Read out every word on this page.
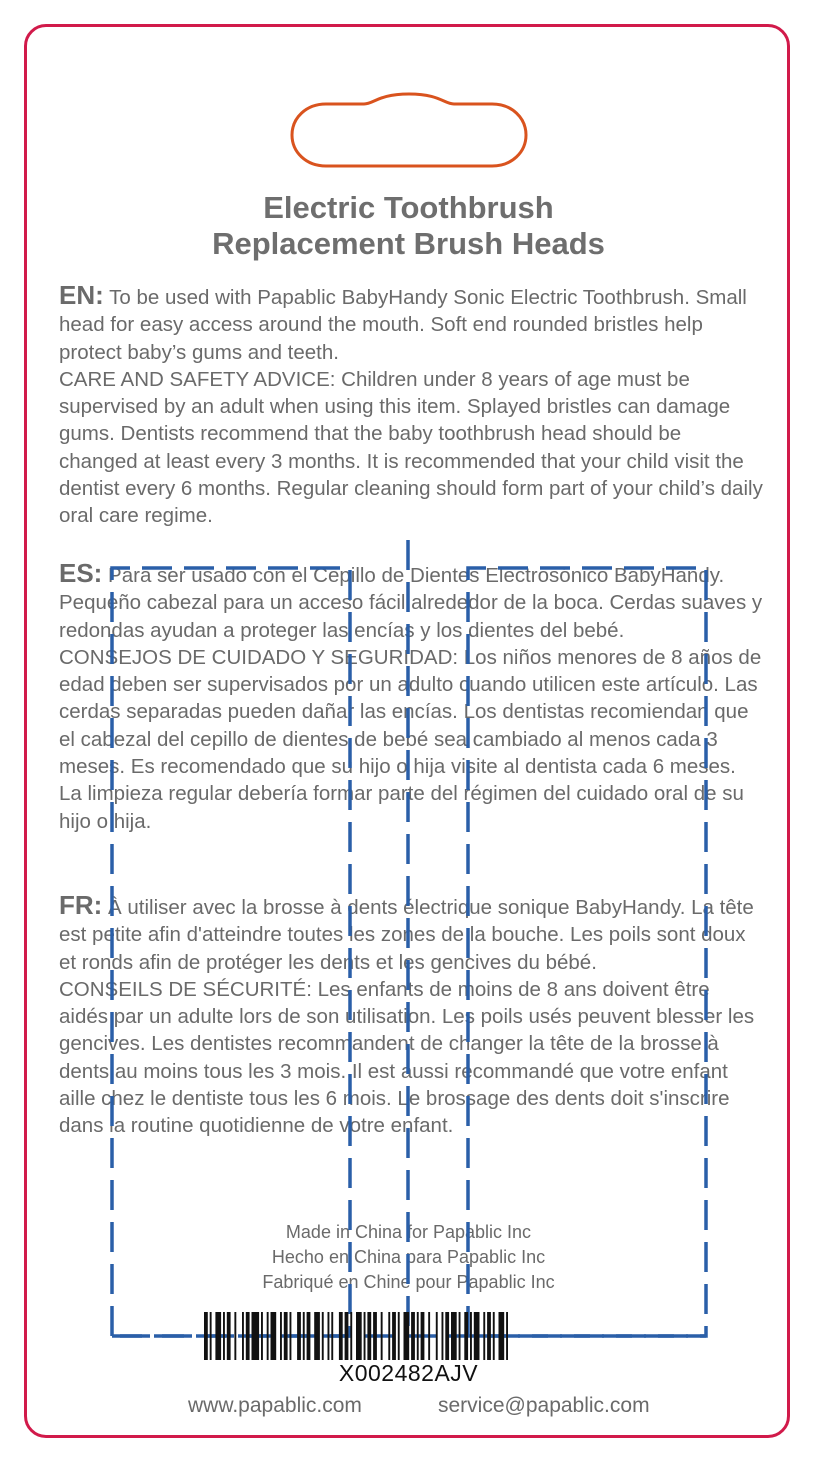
Electric Toothbrush
Replacement Brush Heads

EN: To be used with Papablic BabyHandy Sonic Electric Toothbrush. Small head for easy access around the mouth. Soft end rounded bristles help protect baby’s gums and teeth.

CARE AND SAFETY ADVICE: Children under 8 years of age must be supervised by an adult when using this item. Splayed bristles can damage gums. Dentists recommend that the baby toothbrush head should be changed at least every 3 months. It is recommended that your child visit the dentist every 6 months. Regular cleaning should form part of your child’s daily oral care regime.

ES: Para ser usado con el Cepillo de Dientes Electrosónico BabyHandy. Pequeño cabezal para un acceso fácil alrededor de la boca. Cerdas suaves y redondas ayudan a proteger las encías y los dientes del bebé.

CONSEJOS DE CUIDADO Y SEGURIDAD: Los niños menores de 8 años de edad deben ser supervisados por un adulto cuando utilicen este artículo. Las cerdas separadas pueden dañar las encías. Los dentistas recomiendan que el cabezal del cepillo de dientes de bebé sea cambiado al menos cada 3 meses. Es recomendado que su hijo o hija visite al dentista cada 6 meses. La limpieza regular debería formar parte del régimen del cuidado oral de su hijo o hija.

FR: À utiliser avec la brosse à dents électrique sonique BabyHandy. La tête est petite afin d'atteindre toutes les zones de la bouche. Les poils sont doux et ronds afin de protéger les dents et les gencives du bébé.

CONSEILS DE SÉCURITÉ: Les enfants de moins de 8 ans doivent être aidés par un adulte lors de son utilisation. Les poils usés peuvent blesser les gencives. Les dentistes recommandent de changer la tête de la brosse à dents au moins tous les 3 mois. Il est aussi recommandé que votre enfant aille chez le dentiste tous les 6 mois. Le brossage des dents doit s'inscrire dans la routine quotidienne de votre enfant.

Made in China for Papablic Inc
Hecho en China para Papablic Inc
Fabriqué en Chine pour Papablic Inc
X002482AJV
www.papablic.com	service@papablic.com
